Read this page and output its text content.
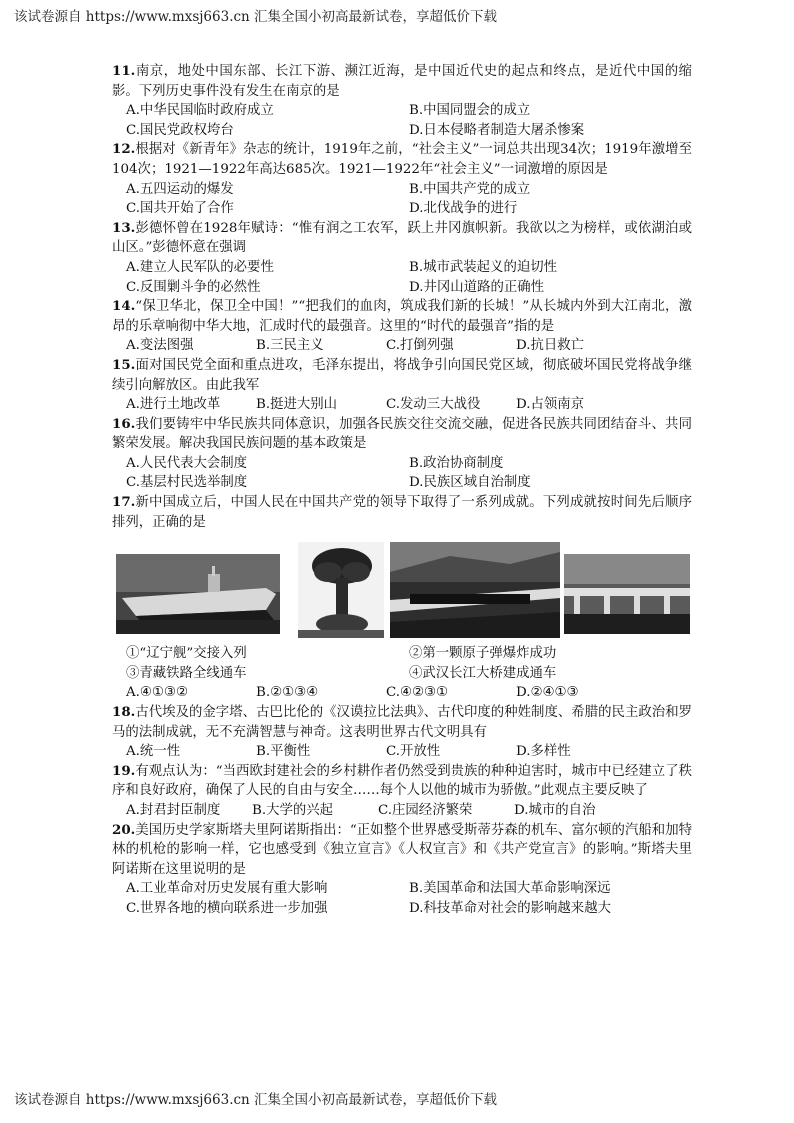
该试卷源自 https://www.mxsj663.cn 汇集全国小初高最新试卷，享超低价下载

11.南京，地处中国东部、长江下游、濒江近海，是中国近代史的起点和终点，是近代中国的缩影。下列历史事件没有发生在南京的是

A.中华民国临时政府成立	B.中国同盟会的成立
C.国民党政权垮台	D.日本侵略者制造大屠杀惨案

12.根据对《新青年》杂志的统计，1919年之前，“社会主义”一词总共出现34次；1919年激增至104次；1921—1922年高达685次。1921—1922年“社会主义”一词激增的原因是

A.五四运动的爆发	B.中国共产党的成立
C.国共开始了合作	D.北伐战争的进行

13.彭德怀曾在1928年赋诗：“惟有润之工农军，跃上井冈旗帜新。我欲以之为榜样，或依湖泊或山区。”彭德怀意在强调

A.建立人民军队的必要性	B.城市武装起义的迫切性
C.反围剿斗争的必然性	D.井冈山道路的正确性

14.“保卫华北，保卫全中国！”“把我们的血肉，筑成我们新的长城！”从长城内外到大江南北，激昂的乐章响彻中华大地，汇成时代的最强音。这里的“时代的最强音”指的是

A.变法图强	B.三民主义	C.打倒列强	D.抗日救亡

15.面对国民党全面和重点进攻，毛泽东提出，将战争引向国民党区域，彻底破坏国民党将战争继续引向解放区。由此我军

A.进行土地改革	B.挺进大别山	C.发动三大战役	D.占领南京

16.我们要铸牢中华民族共同体意识，加强各民族交往交流交融，促进各民族共同团结奋斗、共同繁荣发展。解决我国民族问题的基本政策是

A.人民代表大会制度	B.政治协商制度
C.基层村民选举制度	D.民族区域自治制度

17.新中国成立后，中国人民在中国共产党的领导下取得了一系列成就。下列成就按时间先后顺序排列，正确的是

①“辽宁舰”交接入列	②第一颗原子弹爆炸成功
③青藏铁路全线通车	④武汉长江大桥建成通车
A.④①③②	B.②①③④	C.④②③①	D.②④①③

18.古代埃及的金字塔、古巴比伦的《汉谟拉比法典》、古代印度的种姓制度、希腊的民主政治和罗马的法制成就，无不充满智慧与神奇。这表明世界古代文明具有

A.统一性	B.平衡性	C.开放性	D.多样性

19.有观点认为：“当西欧封建社会的乡村耕作者仍然受到贵族的种种迫害时，城市中已经建立了秩序和良好政府，确保了人民的自由与安全……每个人以他的城市为骄傲。”此观点主要反映了

A.封君封臣制度	B.大学的兴起	C.庄园经济繁荣	D.城市的自治

20.美国历史学家斯塔夫里阿诺斯指出：“正如整个世界感受斯蒂芬森的机车、富尔顿的汽船和加特林的机枪的影响一样，它也感受到《独立宣言》《人权宣言》和《共产党宣言》的影响。”斯塔夫里阿诺斯在这里说明的是

A.工业革命对历史发展有重大影响	B.美国革命和法国大革命影响深远
C.世界各地的横向联系进一步加强	D.科技革命对社会的影响越来越大
该试卷源自 https://www.mxsj663.cn 汇集全国小初高最新试卷，享超低价下载
